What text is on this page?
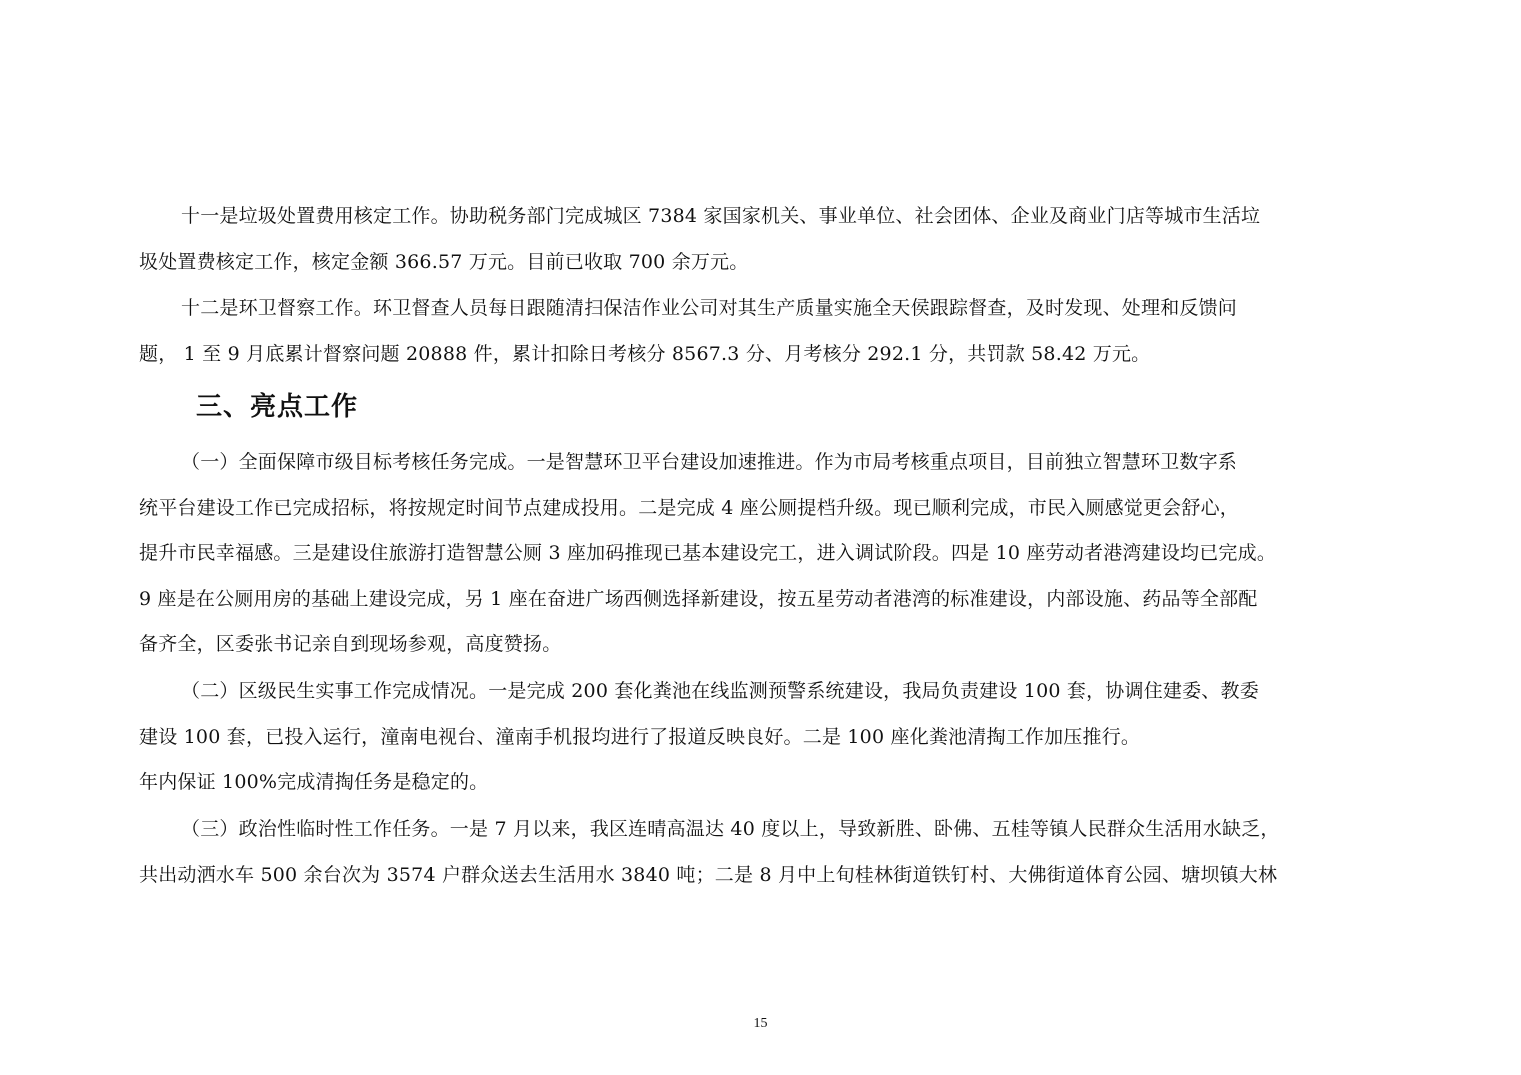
十一是垃圾处置费用核定工作。协助税务部门完成城区 7384 家国家机关、事业单位、社会团体、企业及商业门店等城市生活垃
圾处置费核定工作，核定金额 366.57 万元。目前已收取 700 余万元。
十二是环卫督察工作。环卫督查人员每日跟随清扫保洁作业公司对其生产质量实施全天侯跟踪督查，及时发现、处理和反馈问
题， 1 至 9 月底累计督察问题 20888 件，累计扣除日考核分 8567.3 分、月考核分 292.1 分，共罚款 58.42 万元。
三、亮点工作
（一）全面保障市级目标考核任务完成。一是智慧环卫平台建设加速推进。作为市局考核重点项目，目前独立智慧环卫数字系
统平台建设工作已完成招标，将按规定时间节点建成投用。二是完成 4 座公厕提档升级。现已顺利完成，市民入厕感觉更会舒心，
提升市民幸福感。三是建设住旅游打造智慧公厕 3 座加码推现已基本建设完工，进入调试阶段。四是 10 座劳动者港湾建设均已完成。
9 座是在公厕用房的基础上建设完成，另 1 座在奋进广场西侧选择新建设，按五星劳动者港湾的标准建设，内部设施、药品等全部配
备齐全，区委张书记亲自到现场参观，高度赞扬。
（二）区级民生实事工作完成情况。一是完成 200 套化粪池在线监测预警系统建设，我局负责建设 100 套，协调住建委、教委
建设 100 套，已投入运行，潼南电视台、潼南手机报均进行了报道反映良好。二是 100 座化粪池清掏工作加压推行。
年内保证 100%完成清掏任务是稳定的。
（三）政治性临时性工作任务。一是 7 月以来，我区连晴高温达 40 度以上，导致新胜、卧佛、五桂等镇人民群众生活用水缺乏，
共出动洒水车 500 余台次为 3574 户群众送去生活用水 3840 吨；二是 8 月中上旬桂林街道铁钉村、大佛街道体育公园、塘坝镇大林
15
